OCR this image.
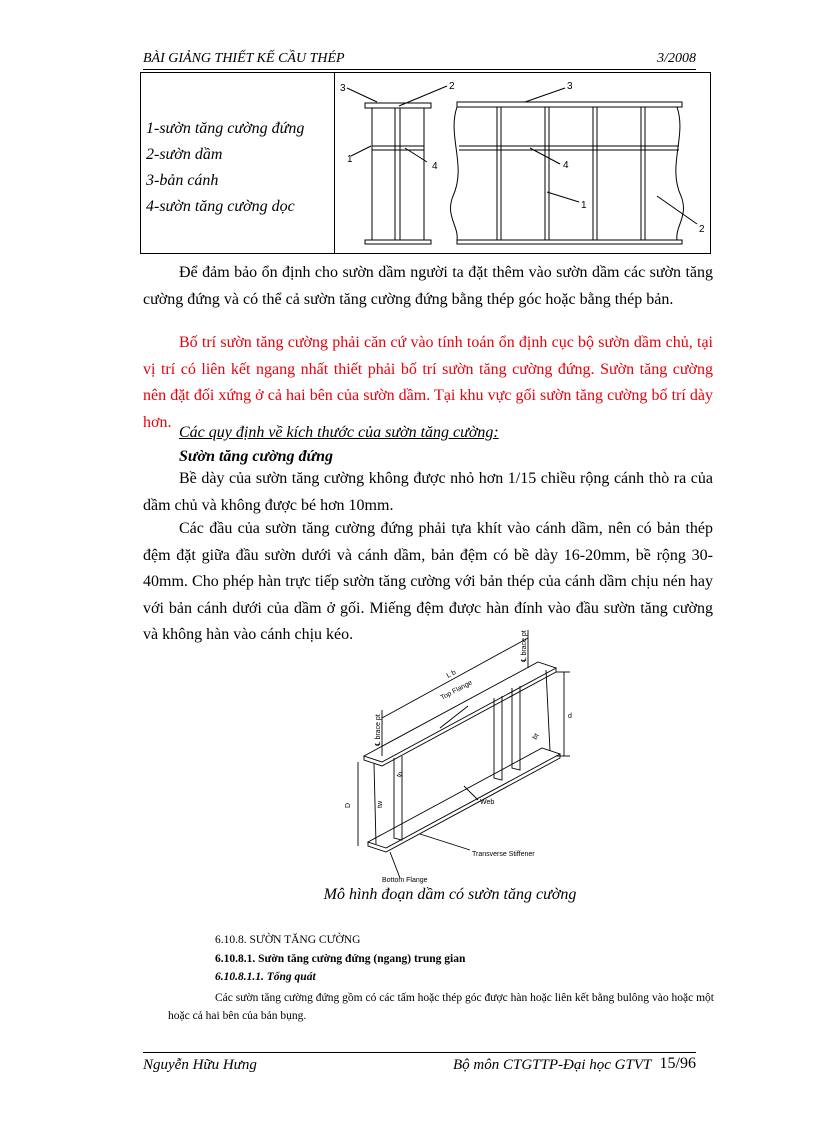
BÀI GIẢNG THIẾT KẾ CẦU THÉP	3/2008
1-sườn tăng cường đứng
2-sườn dầm
3-bản cánh
4-sườn tăng cường dọc
3	2	3
1
4	4
1
2
Để đảm bảo ổn định cho sườn dầm người ta đặt thêm vào sườn dầm các sườn tăng cường đứng và có thể cả sườn tăng cường đứng bằng thép góc hoặc bằng thép bản.
Bố trí sườn tăng cường phải căn cứ vào tính toán ổn định cục bộ sườn dầm chủ, tại vị trí có liên kết ngang nhất thiết phải bố trí sườn tăng cường đứng. Sườn tăng cường nên đặt đối xứng ở cả hai bên của sườn dầm. Tại khu vực gối sườn tăng cường bố trí dày hơn.
Các quy định về kích thước của sườn tăng cường:
Sườn tăng cường đứng
Bề dày của sườn tăng cường không được nhỏ hơn 1/15 chiều rộng cánh thò ra của dầm chủ và không được bé hơn 10mm.
Các đầu của sườn tăng cường đứng phải tựa khít vào cánh dầm, nên có bản thép đệm đặt giữa đầu sườn dưới và cánh dầm, bản đệm có bề dày 16-20mm, bề rộng 30-40mm. Cho phép hàn trực tiếp sườn tăng cường với bản thép của cánh dầm chịu nén hay với bản cánh dưới của dầm ở gối. Miếng đệm được hàn đính vào đầu sườn tăng cường và không hàn vào cánh chịu kéo.
Top Flange
Web
Transverse Stiffener
Bottom Flange
℄ brace pt
℄ brace pt
L b
d
D	tw
tp
bt
Mô hình đoạn dầm có sườn tăng cường
6.10.8. SƯỜN TĂNG CƯỜNG
6.10.8.1. Sườn tăng cường đứng (ngang) trung gian
6.10.8.1.1. Tổng quát
Các sườn tăng cường đứng gồm có các tấm hoặc thép góc được hàn hoặc liên kết bằng bulông vào hoặc một hoặc cả hai bên của bản bụng.
Nguyễn Hữu Hưng	Bộ môn CTGTTP-Đại học GTVT 15/96
